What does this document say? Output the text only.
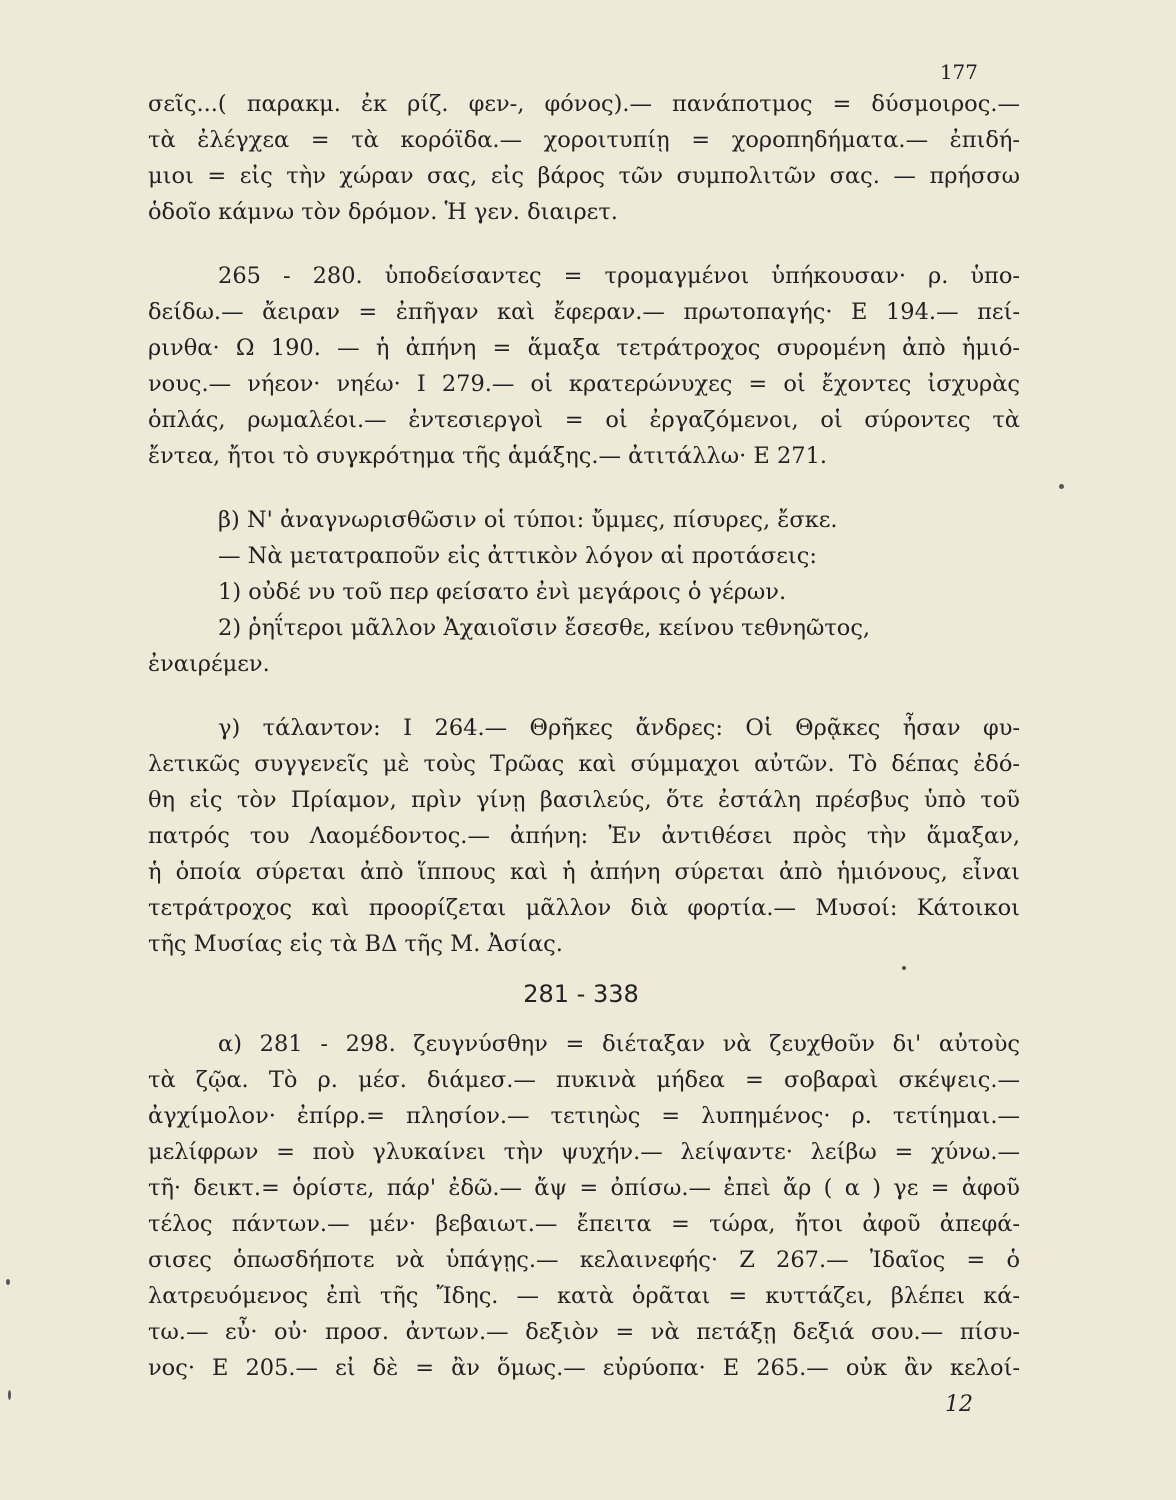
177
σεῖς...( παρακμ. ἐκ ρίζ. φεν-, φόνος).— πανάποτμος = δύσμοιρος.—
τὰ ἐλέγχεα = τὰ κορόϊδα.— χοροιτυπίῃ = χοροπηδήματα.— ἐπιδή-
μιοι = εἰς τὴν χώραν σας, εἰς βάρος τῶν συμπολιτῶν σας. — πρήσσω
ὁδοῖο κάμνω τὸν δρόμον. Ἡ γεν. διαιρετ.
265 - 280. ὑποδείσαντες = τρομαγμένοι ὑπήκουσαν· ρ. ὑπο-
δείδω.— ἄειραν = ἐπῆγαν καὶ ἔφεραν.— πρωτοπαγής· Ε 194.— πεί-
ρινθα· Ω 190. — ἡ ἀπήνη = ἅμαξα τετράτροχος συρομένη ἀπὸ ἡμιό-
νους.— νήεον· νηέω· Ι 279.— οἱ κρατερώνυχες = οἱ ἔχοντες ἰσχυρὰς
ὁπλάς, ρωμαλέοι.— ἐντεσιεργοὶ = οἱ ἐργαζόμενοι, οἱ σύροντες τὰ
ἔντεα, ἤτοι τὸ συγκρότημα τῆς ἁμάξης.— ἀτιτάλλω· Ε 271.
β) Ν' ἀναγνωρισθῶσιν οἱ τύποι: ὔμμες, πίσυρες, ἔσκε.
— Νὰ μετατραποῦν εἰς ἀττικὸν λόγον αἱ προτάσεις:
1) οὐδέ νυ τοῦ περ φείσατο ἐνὶ μεγάροις ὁ γέρων.
2) ῥηΐτεροι μᾶλλον Ἀχαιοῖσιν ἔσεσθε, κείνου τεθνηῶτος,
ἐναιρέμεν.
γ) τάλαντον: Ι 264.— Θρῆκες ἄνδρες: Οἱ Θρᾷκες ἦσαν φυ-
λετικῶς συγγενεῖς μὲ τοὺς Τρῶας καὶ σύμμαχοι αὐτῶν. Τὸ δέπας ἐδό-
θη εἰς τὸν Πρίαμον, πρὶν γίνῃ βασιλεύς, ὅτε ἐστάλη πρέσβυς ὑπὸ τοῦ
πατρός του Λαομέδοντος.— ἀπήνη: Ἐν ἀντιθέσει πρὸς τὴν ἅμαξαν,
ἡ ὁποία σύρεται ἀπὸ ἵππους καὶ ἡ ἀπήνη σύρεται ἀπὸ ἡμιόνους, εἶναι
τετράτροχος καὶ προορίζεται μᾶλλον διὰ φορτία.— Μυσοί: Κάτοικοι
τῆς Μυσίας εἰς τὰ ΒΔ τῆς Μ. Ἀσίας.
281 - 338
α) 281 - 298. ζευγνύσθην = διέταξαν νὰ ζευχθοῦν δι' αὐτοὺς
τὰ ζῷα. Τὸ ρ. μέσ. διάμεσ.— πυκινὰ μήδεα = σοβαραὶ σκέψεις.—
ἀγχίμολον· ἐπίρρ.= πλησίον.— τετιηὼς = λυπημένος· ρ. τετίημαι.—
μελίφρων = ποὺ γλυκαίνει τὴν ψυχήν.— λείψαντε· λείβω = χύνω.—
τῆ· δεικτ.= ὁρίστε, πάρ' ἐδῶ.— ἄψ = ὀπίσω.— ἐπεὶ ἄρ ( α ) γε = ἀφοῦ
τέλος πάντων.— μέν· βεβαιωτ.— ἔπειτα = τώρα, ἤτοι ἀφοῦ ἀπεφά-
σισες ὁπωσδήποτε νὰ ὑπάγῃς.— κελαινεφής· Ζ 267.— Ἰδαῖος = ὁ
λατρευόμενος ἐπὶ τῆς Ἴδης. — κατὰ ὁρᾶται = κυττάζει, βλέπει κά-
τω.— εὖ· οὐ· προσ. ἀντων.— δεξιὸν = νὰ πετάξῃ δεξιά σου.— πίσυ-
νος· Ε 205.— εἰ δὲ = ἂν ὅμως.— εὐρύοπα· Ε 265.— οὐκ ἂν κελοί-
12
